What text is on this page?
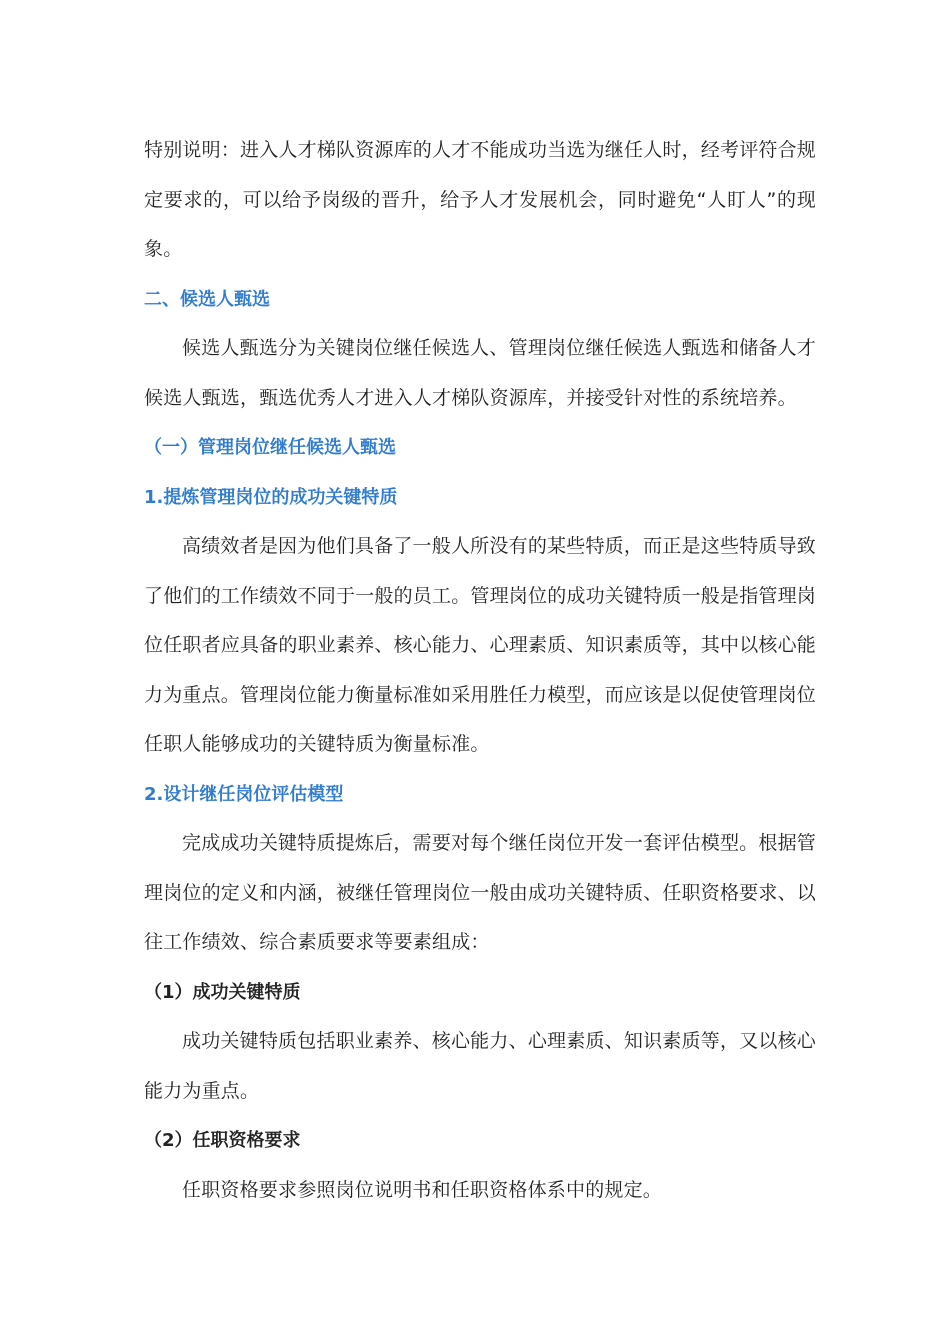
特别说明：进入人才梯队资源库的人才不能成功当选为继任人时，经考评符合规定要求的，可以给予岗级的晋升，给予人才发展机会，同时避免“人盯人”的现象。

二、候选人甄选

候选人甄选分为关键岗位继任候选人、管理岗位继任候选人甄选和储备人才候选人甄选，甄选优秀人才进入人才梯队资源库，并接受针对性的系统培养。

（一）管理岗位继任候选人甄选

1.提炼管理岗位的成功关键特质

高绩效者是因为他们具备了一般人所没有的某些特质，而正是这些特质导致了他们的工作绩效不同于一般的员工。管理岗位的成功关键特质一般是指管理岗位任职者应具备的职业素养、核心能力、心理素质、知识素质等，其中以核心能力为重点。管理岗位能力衡量标准如采用胜任力模型，而应该是以促使管理岗位任职人能够成功的关键特质为衡量标准。

2.设计继任岗位评估模型

完成成功关键特质提炼后，需要对每个继任岗位开发一套评估模型。根据管理岗位的定义和内涵，被继任管理岗位一般由成功关键特质、任职资格要求、以往工作绩效、综合素质要求等要素组成：

（1）成功关键特质

成功关键特质包括职业素养、核心能力、心理素质、知识素质等，又以核心能力为重点。

（2）任职资格要求

任职资格要求参照岗位说明书和任职资格体系中的规定。
